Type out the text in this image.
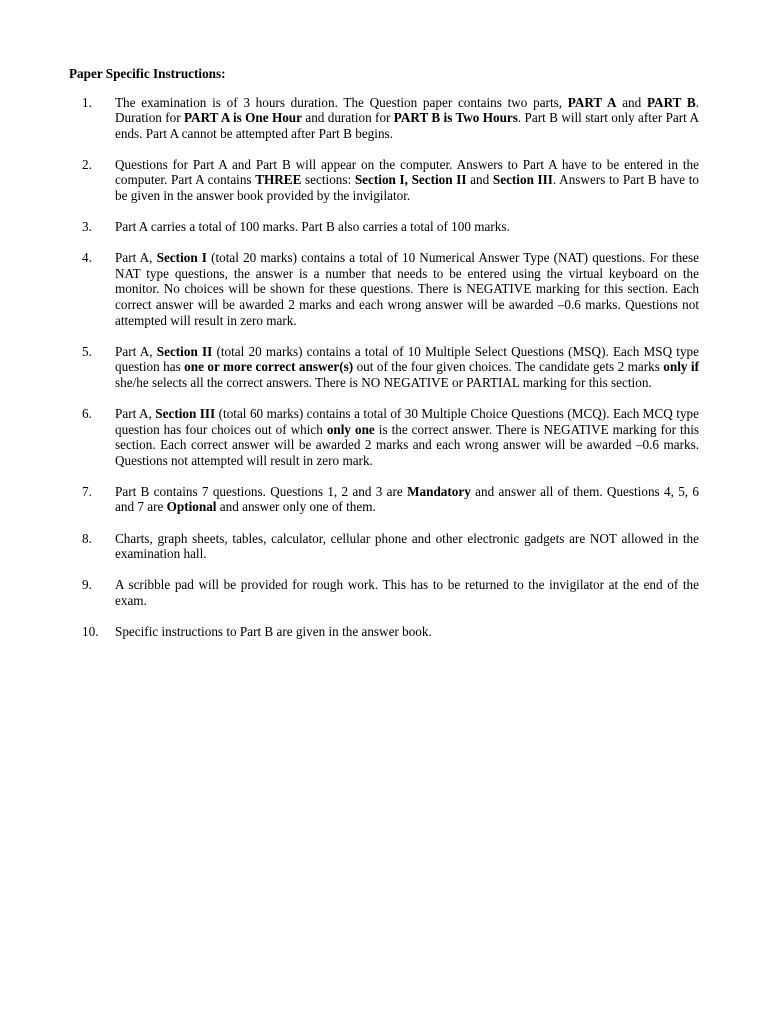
Paper Specific Instructions:
1.	The examination is of 3 hours duration. The Question paper contains two parts, PART A and PART B. Duration for PART A is One Hour and duration for PART B is Two Hours. Part B will start only after Part A ends. Part A cannot be attempted after Part B begins.
2.	Questions for Part A and Part B will appear on the computer. Answers to Part A have to be entered in the computer. Part A contains THREE sections: Section I, Section II and Section III. Answers to Part B have to be given in the answer book provided by the invigilator.
3.	Part A carries a total of 100 marks. Part B also carries a total of 100 marks.
4.	Part A, Section I (total 20 marks) contains a total of 10 Numerical Answer Type (NAT) questions. For these NAT type questions, the answer is a number that needs to be entered using the virtual keyboard on the monitor. No choices will be shown for these questions. There is NEGATIVE marking for this section. Each correct answer will be awarded 2 marks and each wrong answer will be awarded –0.6 marks. Questions not attempted will result in zero mark.
5.	Part A, Section II (total 20 marks) contains a total of 10 Multiple Select Questions (MSQ). Each MSQ type question has one or more correct answer(s) out of the four given choices. The candidate gets 2 marks only if she/he selects all the correct answers. There is NO NEGATIVE or PARTIAL marking for this section.
6.	Part A, Section III (total 60 marks) contains a total of 30 Multiple Choice Questions (MCQ). Each MCQ type question has four choices out of which only one is the correct answer. There is NEGATIVE marking for this section. Each correct answer will be awarded 2 marks and each wrong answer will be awarded –0.6 marks. Questions not attempted will result in zero mark.
7.	Part B contains 7 questions. Questions 1, 2 and 3 are Mandatory and answer all of them. Questions 4, 5, 6 and 7 are Optional and answer only one of them.
8.	Charts, graph sheets, tables, calculator, cellular phone and other electronic gadgets are NOT allowed in the examination hall.
9.	A scribble pad will be provided for rough work. This has to be returned to the invigilator at the end of the exam.
10.	Specific instructions to Part B are given in the answer book.
